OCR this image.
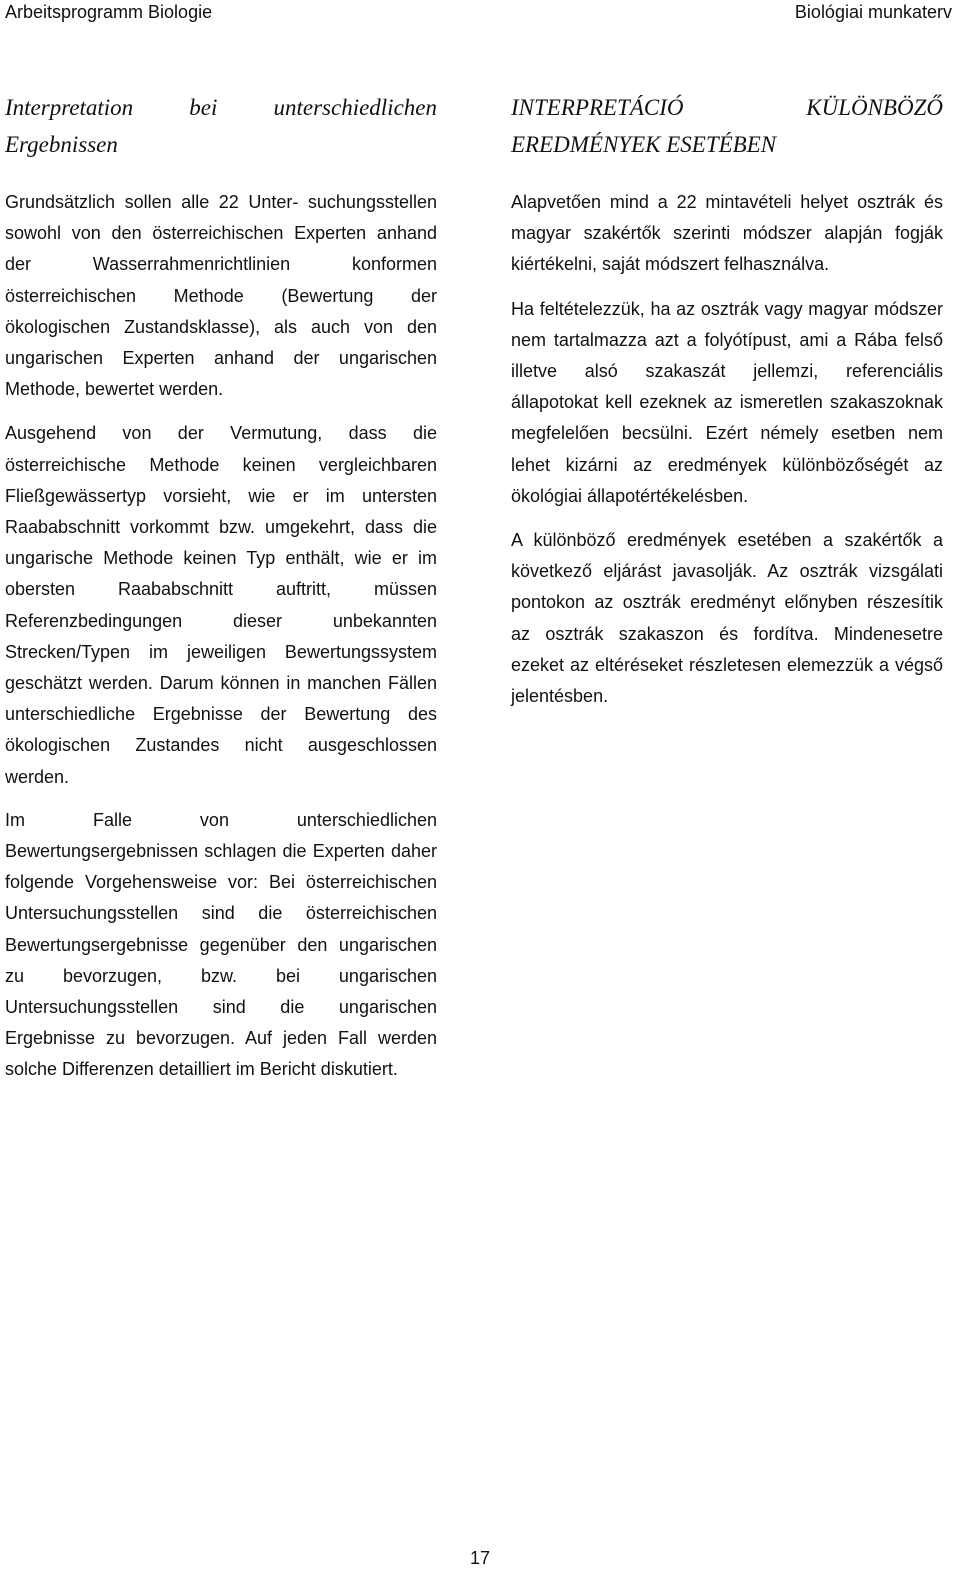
Arbeitsprogramm Biologie	Biológiai munkaterv
Interpretation bei unterschiedlichen
Ergebnissen

Grundsätzlich sollen alle 22 Unter- suchungsstellen sowohl von den österreichischen Experten anhand der Wasserrahmenrichtlinien konformen österreichischen Methode (Bewertung der ökologischen Zustandsklasse), als auch von den ungarischen Experten anhand der ungarischen Methode, bewertet werden.

Ausgehend von der Vermutung, dass die österreichische Methode keinen vergleichbaren Fließgewässertyp vorsieht, wie er im untersten Raababschnitt vorkommt bzw. umgekehrt, dass die ungarische Methode keinen Typ enthält, wie er im obersten Raababschnitt auftritt, müssen Referenzbedingungen dieser unbekannten Strecken/Typen im jeweiligen Bewertungssystem geschätzt werden. Darum können in manchen Fällen unterschiedliche Ergebnisse der Bewertung des ökologischen Zustandes nicht ausgeschlossen werden.

Im Falle von unterschiedlichen Bewertungsergebnissen schlagen die Experten daher folgende Vorgehensweise vor: Bei österreichischen Untersuchungsstellen sind die österreichischen Bewertungsergebnisse gegenüber den ungarischen zu bevorzugen, bzw. bei ungarischen Untersuchungsstellen sind die ungarischen Ergebnisse zu bevorzugen. Auf jeden Fall werden solche Differenzen detailliert im Bericht diskutiert.

INTERPRETÁCIÓ KÜLÖNBÖZŐ
EREDMÉNYEK ESETÉBEN

Alapvetően mind a 22 mintavételi helyet osztrák és magyar szakértők szerinti módszer alapján fogják kiértékelni, saját módszert felhasználva.

Ha feltételezzük, ha az osztrák vagy magyar módszer nem tartalmazza azt a folyótípust, ami a Rába felső illetve alsó szakaszát jellemzi, referenciális állapotokat kell ezeknek az ismeretlen szakaszoknak megfelelően becsülni. Ezért némely esetben nem lehet kizárni az eredmények különbözőségét az ökológiai állapotértékelésben.

A különböző eredmények esetében a szakértők a következő eljárást javasolják. Az osztrák vizsgálati pontokon az osztrák eredményt előnyben részesítik az osztrák szakaszon és fordítva. Mindenesetre ezeket az eltéréseket részletesen elemezzük a végső jelentésben.

17
